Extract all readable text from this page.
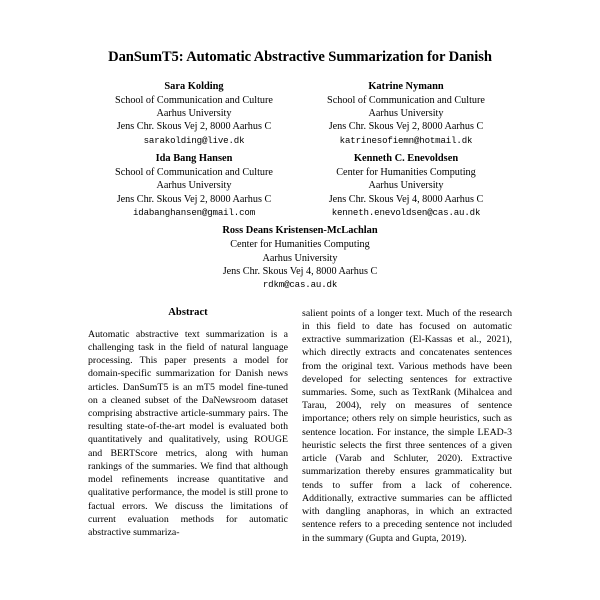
DanSumT5: Automatic Abstractive Summarization for Danish
Sara Kolding
School of Communication and Culture
Aarhus University
Jens Chr. Skous Vej 2, 8000 Aarhus C
sarakolding@live.dk
Katrine Nymann
School of Communication and Culture
Aarhus University
Jens Chr. Skous Vej 2, 8000 Aarhus C
katrinesofiemn@hotmail.dk
Ida Bang Hansen
School of Communication and Culture
Aarhus University
Jens Chr. Skous Vej 2, 8000 Aarhus C
idabanghansen@gmail.com
Kenneth C. Enevoldsen
Center for Humanities Computing
Aarhus University
Jens Chr. Skous Vej 4, 8000 Aarhus C
kenneth.enevoldsen@cas.au.dk
Ross Deans Kristensen-McLachlan
Center for Humanities Computing
Aarhus University
Jens Chr. Skous Vej 4, 8000 Aarhus C
rdkm@cas.au.dk
Abstract

Automatic abstractive text summarization is a challenging task in the field of natural language processing. This paper presents a model for domain-specific summarization for Danish news articles. DanSumT5 is an mT5 model fine-tuned on a cleaned subset of the DaNewsroom dataset comprising abstractive article-summary pairs. The resulting state-of-the-art model is evaluated both quantitatively and qualitatively, using ROUGE and BERTScore metrics, along with human rankings of the summaries. We find that although model refinements increase quantitative and qualitative performance, the model is still prone to factual errors. We discuss the limitations of current evaluation methods for automatic abstractive summariza-

salient points of a longer text. Much of the research in this field to date has focused on automatic extractive summarization (El-Kassas et al., 2021), which directly extracts and concatenates sentences from the original text. Various methods have been developed for selecting sentences for extractive summaries. Some, such as TextRank (Mihalcea and Tarau, 2004), rely on measures of sentence importance; others rely on simple heuristics, such as sentence location. For instance, the simple LEAD-3 heuristic selects the first three sentences of a given article (Varab and Schluter, 2020). Extractive summarization thereby ensures grammaticality but tends to suffer from a lack of coherence. Additionally, extractive summaries can be afflicted with dangling anaphoras, in which an extracted sentence refers to a preceding sentence not included in the summary (Gupta and Gupta, 2019).
